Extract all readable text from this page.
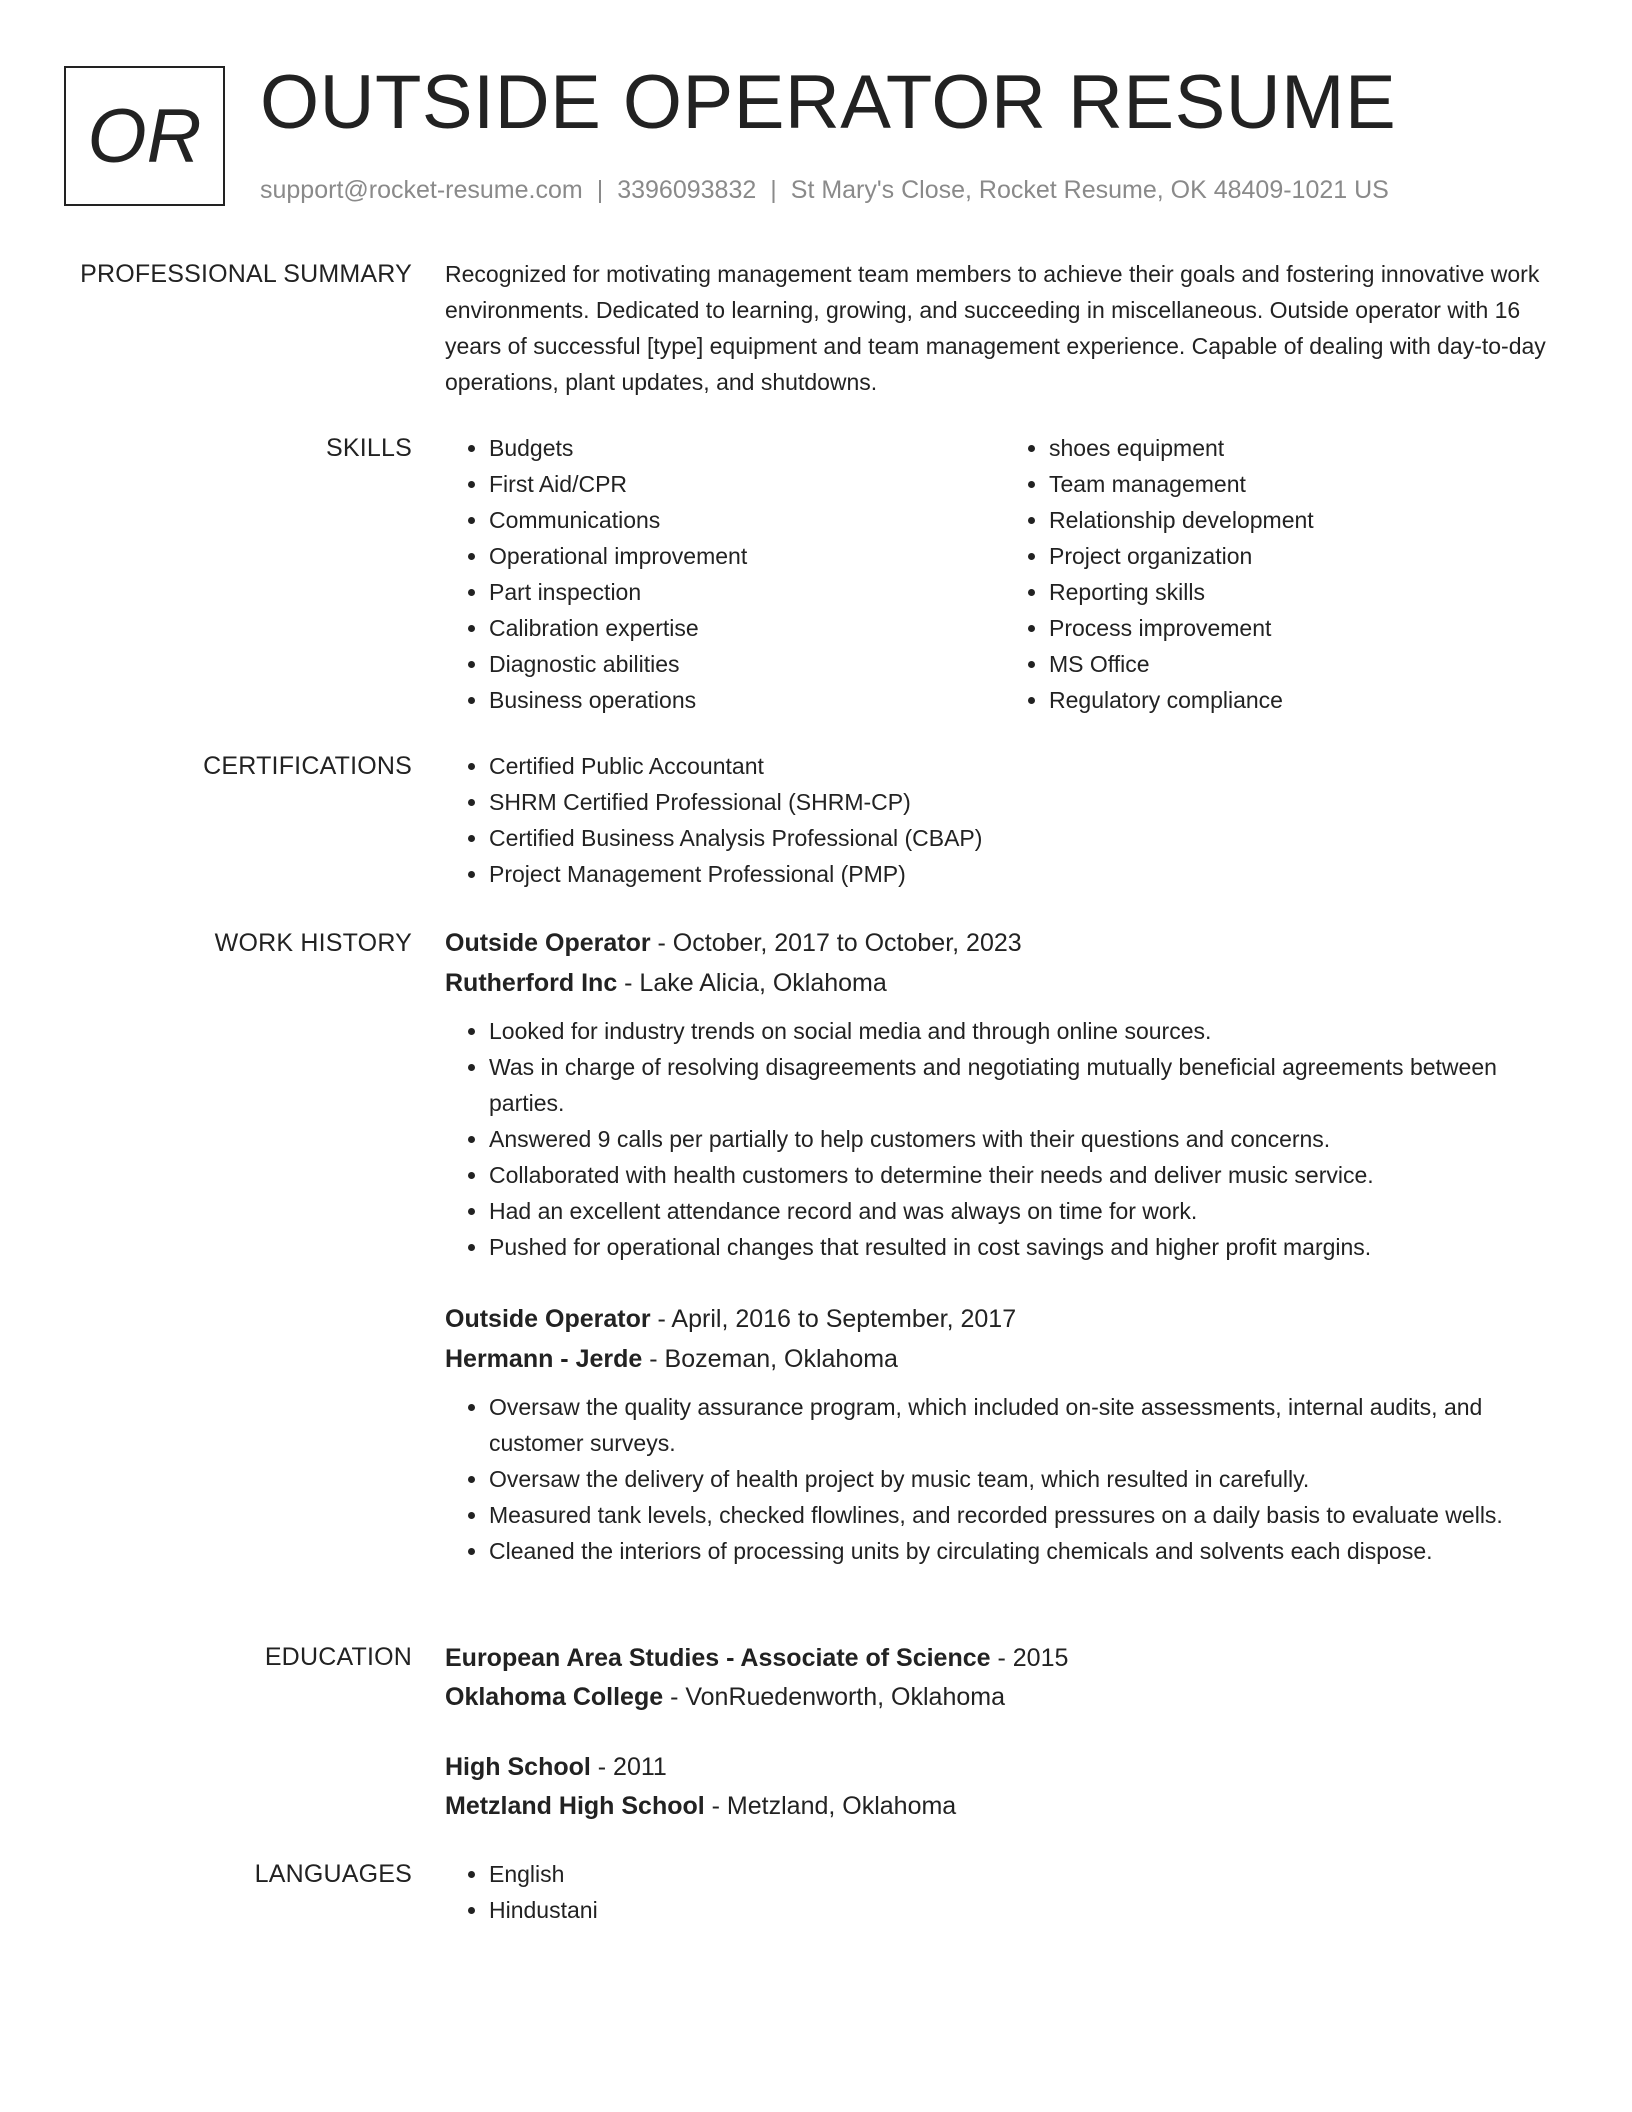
OR OUTSIDE OPERATOR RESUME
support@rocket-resume.com | 3396093832 | St Mary's Close, Rocket Resume, OK 48409-1021 US
PROFESSIONAL SUMMARY Recognized for motivating management team members to achieve their goals and fostering innovative work environments. Dedicated to learning, growing, and succeeding in miscellaneous. Outside operator with 16 years of successful [type] equipment and team management experience. Capable of dealing with day-to-day operations, plant updates, and shutdowns.

SKILLS	• Budgets
• First Aid/CPR
• Communications
• Operational improvement
• Part inspection
• Calibration expertise
• Diagnostic abilities
• Business operations
• shoes equipment
• Team management
• Relationship development
• Project organization
• Reporting skills
• Process improvement
• MS Office
• Regulatory compliance
CERTIFICATIONS	• Certified Public Accountant
• SHRM Certified Professional (SHRM-CP)
• Certified Business Analysis Professional (CBAP)
• Project Management Professional (PMP)
WORK HISTORY Outside Operator - October, 2017 to October, 2023
Rutherford Inc - Lake Alicia, Oklahoma
• Looked for industry trends on social media and through online sources.
• Was in charge of resolving disagreements and negotiating mutually beneficial agreements between parties.
• Answered 9 calls per partially to help customers with their questions and concerns.
• Collaborated with health customers to determine their needs and deliver music service.
• Had an excellent attendance record and was always on time for work.
• Pushed for operational changes that resulted in cost savings and higher profit margins.
Outside Operator - April, 2016 to September, 2017
Hermann - Jerde - Bozeman, Oklahoma
• Oversaw the quality assurance program, which included on-site assessments, internal audits, and customer surveys.
• Oversaw the delivery of health project by music team, which resulted in carefully.
• Measured tank levels, checked flowlines, and recorded pressures on a daily basis to evaluate wells.
• Cleaned the interiors of processing units by circulating chemicals and solvents each dispose.
EDUCATION European Area Studies - Associate of Science - 2015
Oklahoma College - VonRuedenworth, Oklahoma
High School - 2011
Metzland High School - Metzland, Oklahoma
LANGUAGES	• English
• Hindustani
